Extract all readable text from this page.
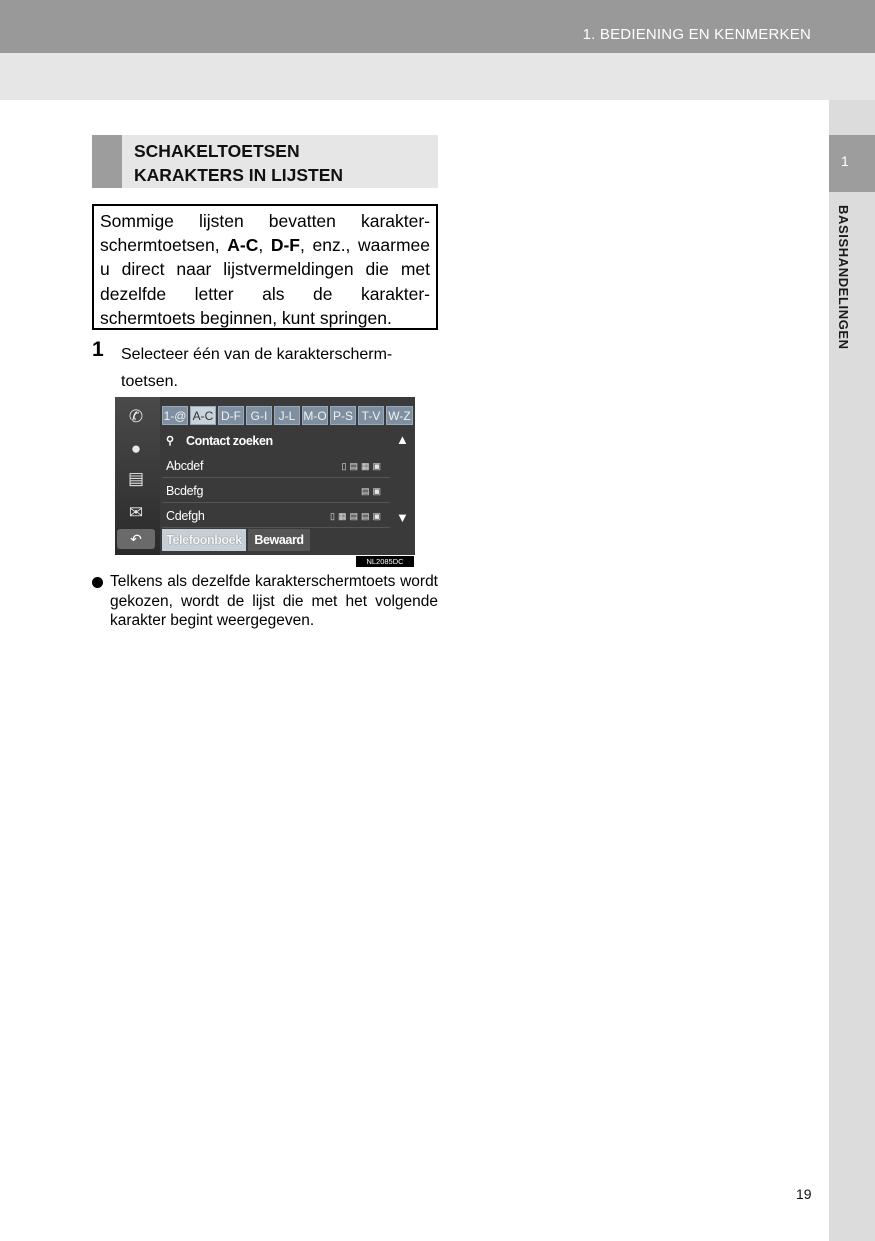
1. BEDIENING EN KENMERKEN
1
BASISHANDELINGEN
SCHAKELTOETSEN
KARAKTERS IN LIJSTEN
Sommige lijsten bevatten karakter-schermtoetsen, A-C, D-F, enz., waarmee u direct naar lijstvermeldingen die met dezelfde letter als de karakter-schermtoets beginnen, kunt springen.
1 Selecteer één van de karakterscherm-toetsen.
✆
●
▤
✉
↶
1-@ A-C D-F G-I J-L M-O P-S T-V W-Z
⚲ Contact zoeken	▲
▼
Abcdef	▯▤▦▣
Bcdefg	▤▣
Cdefgh	▯▦▤▤▣
Telefoonboek	Bewaard
NL2085DC
Telkens als dezelfde karakterschermtoets wordt gekozen, wordt de lijst die met het volgende karakter begint weergegeven.
19
